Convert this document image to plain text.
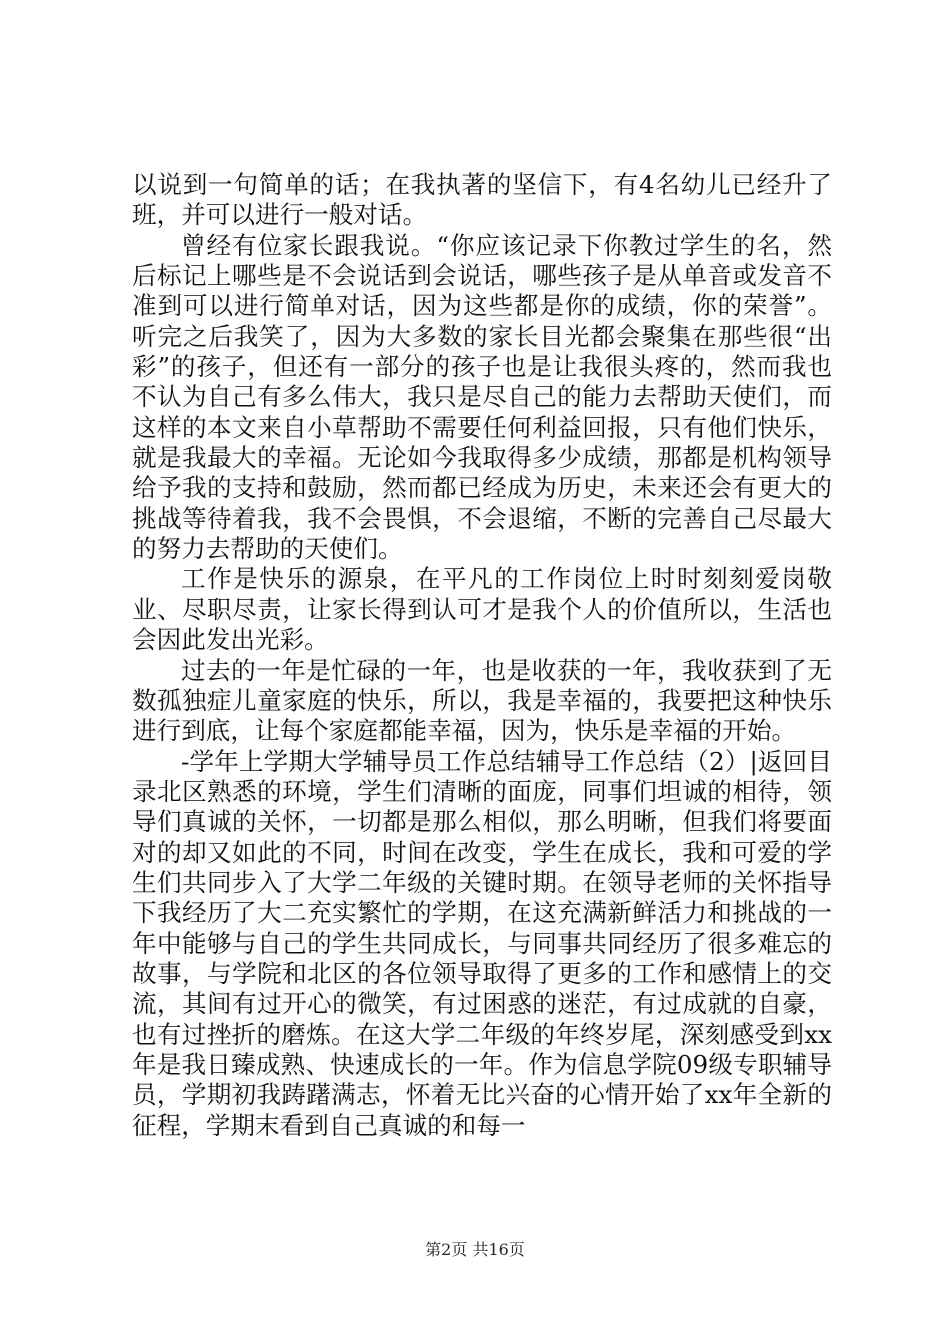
以说到一句简单的话；在我执著的坚信下，有4名幼儿已经升了班，并可以进行一般对话。

曾经有位家长跟我说。“你应该记录下你教过学生的名，然后标记上哪些是不会说话到会说话，哪些孩子是从单音或发音不准到可以进行简单对话，因为这些都是你的成绩，你的荣誉”。听完之后我笑了，因为大多数的家长目光都会聚集在那些很“出彩”的孩子，但还有一部分的孩子也是让我很头疼的，然而我也不认为自己有多么伟大，我只是尽自己的能力去帮助天使们，而这样的本文来自小草帮助不需要任何利益回报，只有他们快乐，就是我最大的幸福。无论如今我取得多少成绩，那都是机构领导给予我的支持和鼓励，然而都已经成为历史，未来还会有更大的挑战等待着我，我不会畏惧，不会退缩，不断的完善自己尽最大的努力去帮助的天使们。

工作是快乐的源泉，在平凡的工作岗位上时时刻刻爱岗敬业、尽职尽责，让家长得到认可才是我个人的价值所以，生活也会因此发出光彩。

过去的一年是忙碌的一年，也是收获的一年，我收获到了无数孤独症儿童家庭的快乐，所以，我是幸福的，我要把这种快乐进行到底，让每个家庭都能幸福，因为，快乐是幸福的开始。

-学年上学期大学辅导员工作总结辅导工作总结（2）|返回目录北区熟悉的环境，学生们清晰的面庞，同事们坦诚的相待，领导们真诚的关怀，一切都是那么相似，那么明晰，但我们将要面对的却又如此的不同，时间在改变，学生在成长，我和可爱的学生们共同步入了大学二年级的关键时期。在领导老师的关怀指导下我经历了大二充实繁忙的学期，在这充满新鲜活力和挑战的一年中能够与自己的学生共同成长，与同事共同经历了很多难忘的故事，与学院和北区的各位领导取得了更多的工作和感情上的交流，其间有过开心的微笑，有过困惑的迷茫，有过成就的自豪，也有过挫折的磨炼。在这大学二年级的年终岁尾，深刻感受到xx年是我日臻成熟、快速成长的一年。作为信息学院09级专职辅导员，学期初我踌躇满志，怀着无比兴奋的心情开始了xx年全新的征程，学期末看到自己真诚的和每一

第2页 共16页
